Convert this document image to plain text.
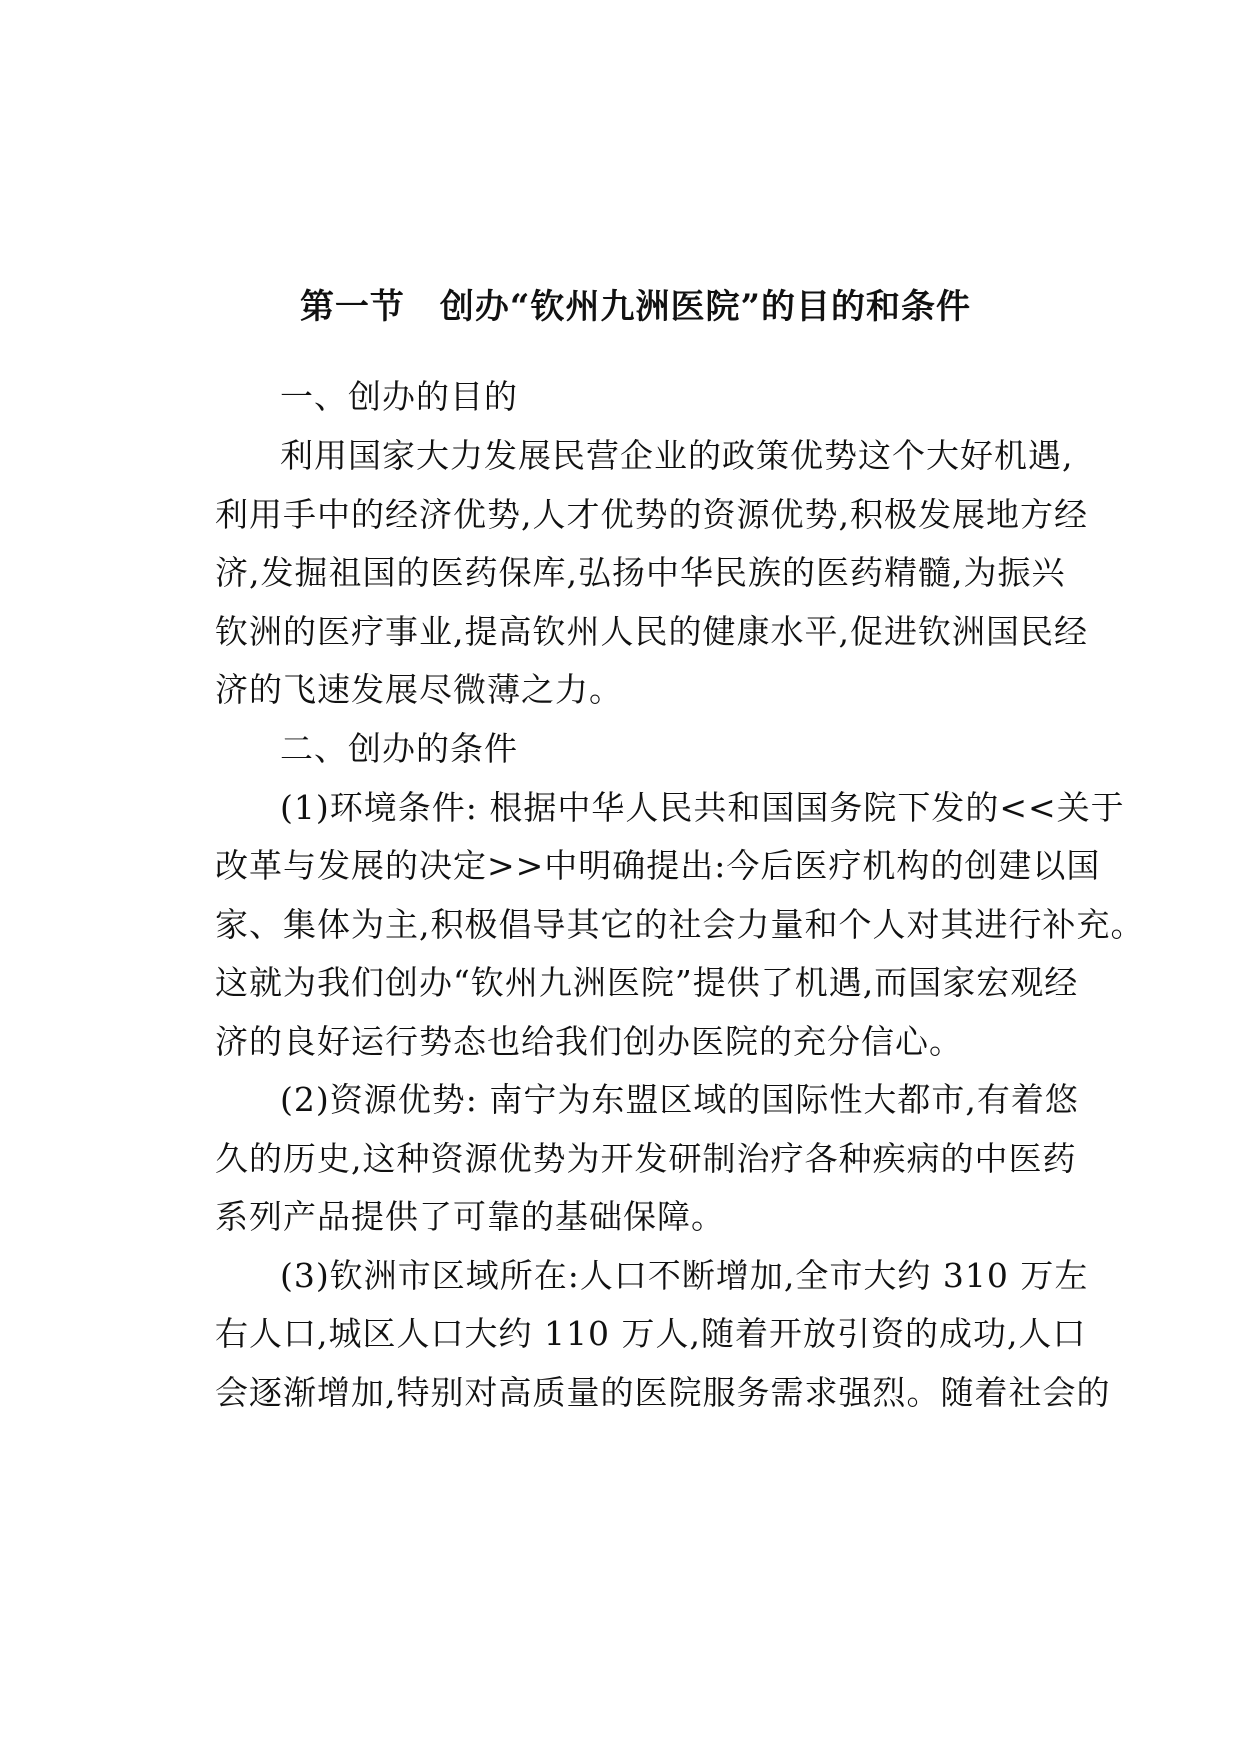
第一节　创办“钦州九洲医院”的目的和条件

一、创办的目的

利用国家大力发展民营企业的政策优势这个大好机遇,

利用手中的经济优势,人才优势的资源优势,积极发展地方经

济,发掘祖国的医药保库,弘扬中华民族的医药精髓,为振兴

钦洲的医疗事业,提高钦州人民的健康水平,促进钦洲国民经

济的飞速发展尽微薄之力。

二、创办的条件

(1)环境条件: 根据中华人民共和国国务院下发的<<关于

改革与发展的决定>>中明确提出:今后医疗机构的创建以国

家、集体为主,积极倡导其它的社会力量和个人对其进行补充。

这就为我们创办“钦州九洲医院”提供了机遇,而国家宏观经

济的良好运行势态也给我们创办医院的充分信心。

(2)资源优势: 南宁为东盟区域的国际性大都市,有着悠

久的历史,这种资源优势为开发研制治疗各种疾病的中医药

系列产品提供了可靠的基础保障。

(3)钦洲市区域所在:人口不断增加,全市大约 310 万左

右人口,城区人口大约 110 万人,随着开放引资的成功,人口

会逐渐增加,特别对高质量的医院服务需求强烈。随着社会的
